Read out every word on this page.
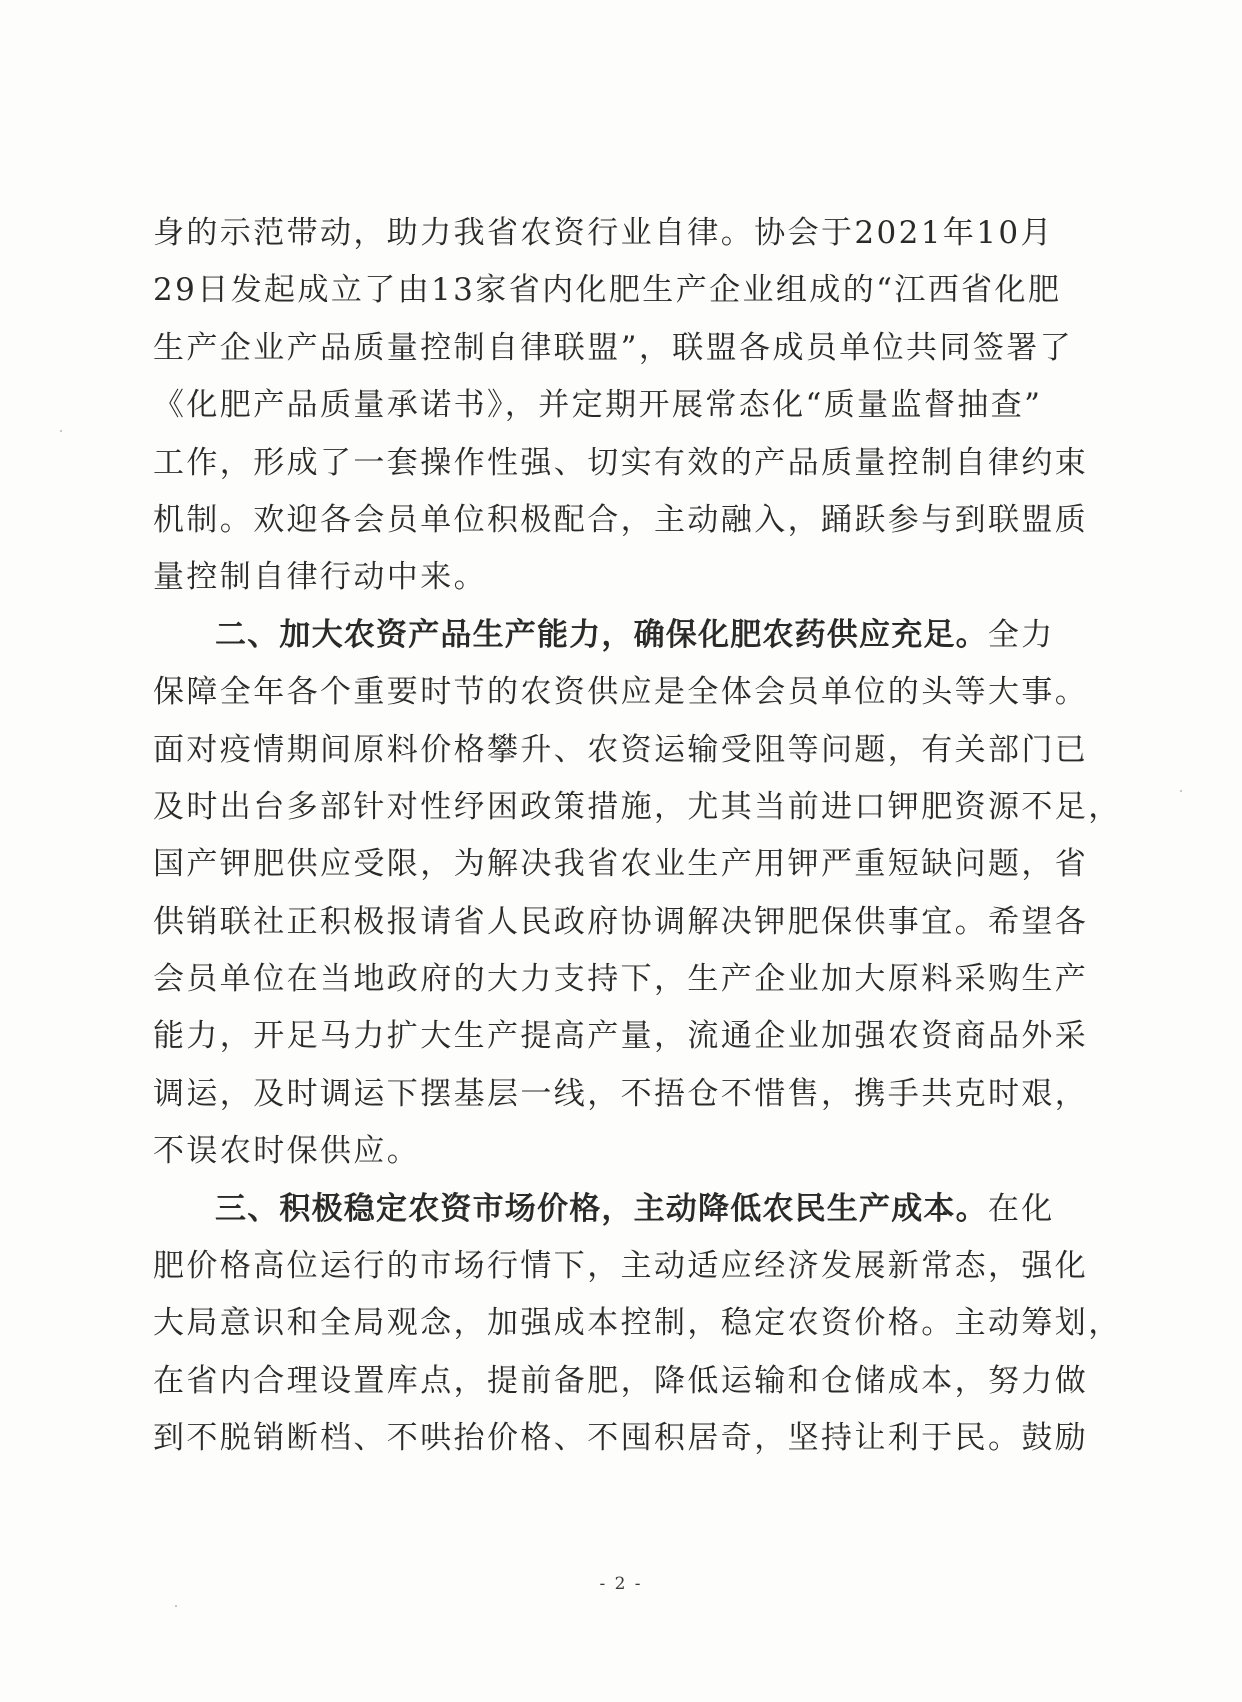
身的示范带动，助力我省农资行业自律。协会于2021年10月
29日发起成立了由13家省内化肥生产企业组成的“江西省化肥
生产企业产品质量控制自律联盟”，联盟各成员单位共同签署了
《化肥产品质量承诺书》，并定期开展常态化“质量监督抽查”
工作，形成了一套操作性强、切实有效的产品质量控制自律约束
机制。欢迎各会员单位积极配合，主动融入，踊跃参与到联盟质
量控制自律行动中来。
二、加大农资产品生产能力，确保化肥农药供应充足。全力
保障全年各个重要时节的农资供应是全体会员单位的头等大事。
面对疫情期间原料价格攀升、农资运输受阻等问题，有关部门已
及时出台多部针对性纾困政策措施，尤其当前进口钾肥资源不足，
国产钾肥供应受限，为解决我省农业生产用钾严重短缺问题，省
供销联社正积极报请省人民政府协调解决钾肥保供事宜。希望各
会员单位在当地政府的大力支持下，生产企业加大原料采购生产
能力，开足马力扩大生产提高产量，流通企业加强农资商品外采
调运，及时调运下摆基层一线，不捂仓不惜售，携手共克时艰，
不误农时保供应。
三、积极稳定农资市场价格，主动降低农民生产成本。在化
肥价格高位运行的市场行情下，主动适应经济发展新常态，强化
大局意识和全局观念，加强成本控制，稳定农资价格。主动筹划，
在省内合理设置库点，提前备肥，降低运输和仓储成本，努力做
到不脱销断档、不哄抬价格、不囤积居奇，坚持让利于民。鼓励
- 2 -
